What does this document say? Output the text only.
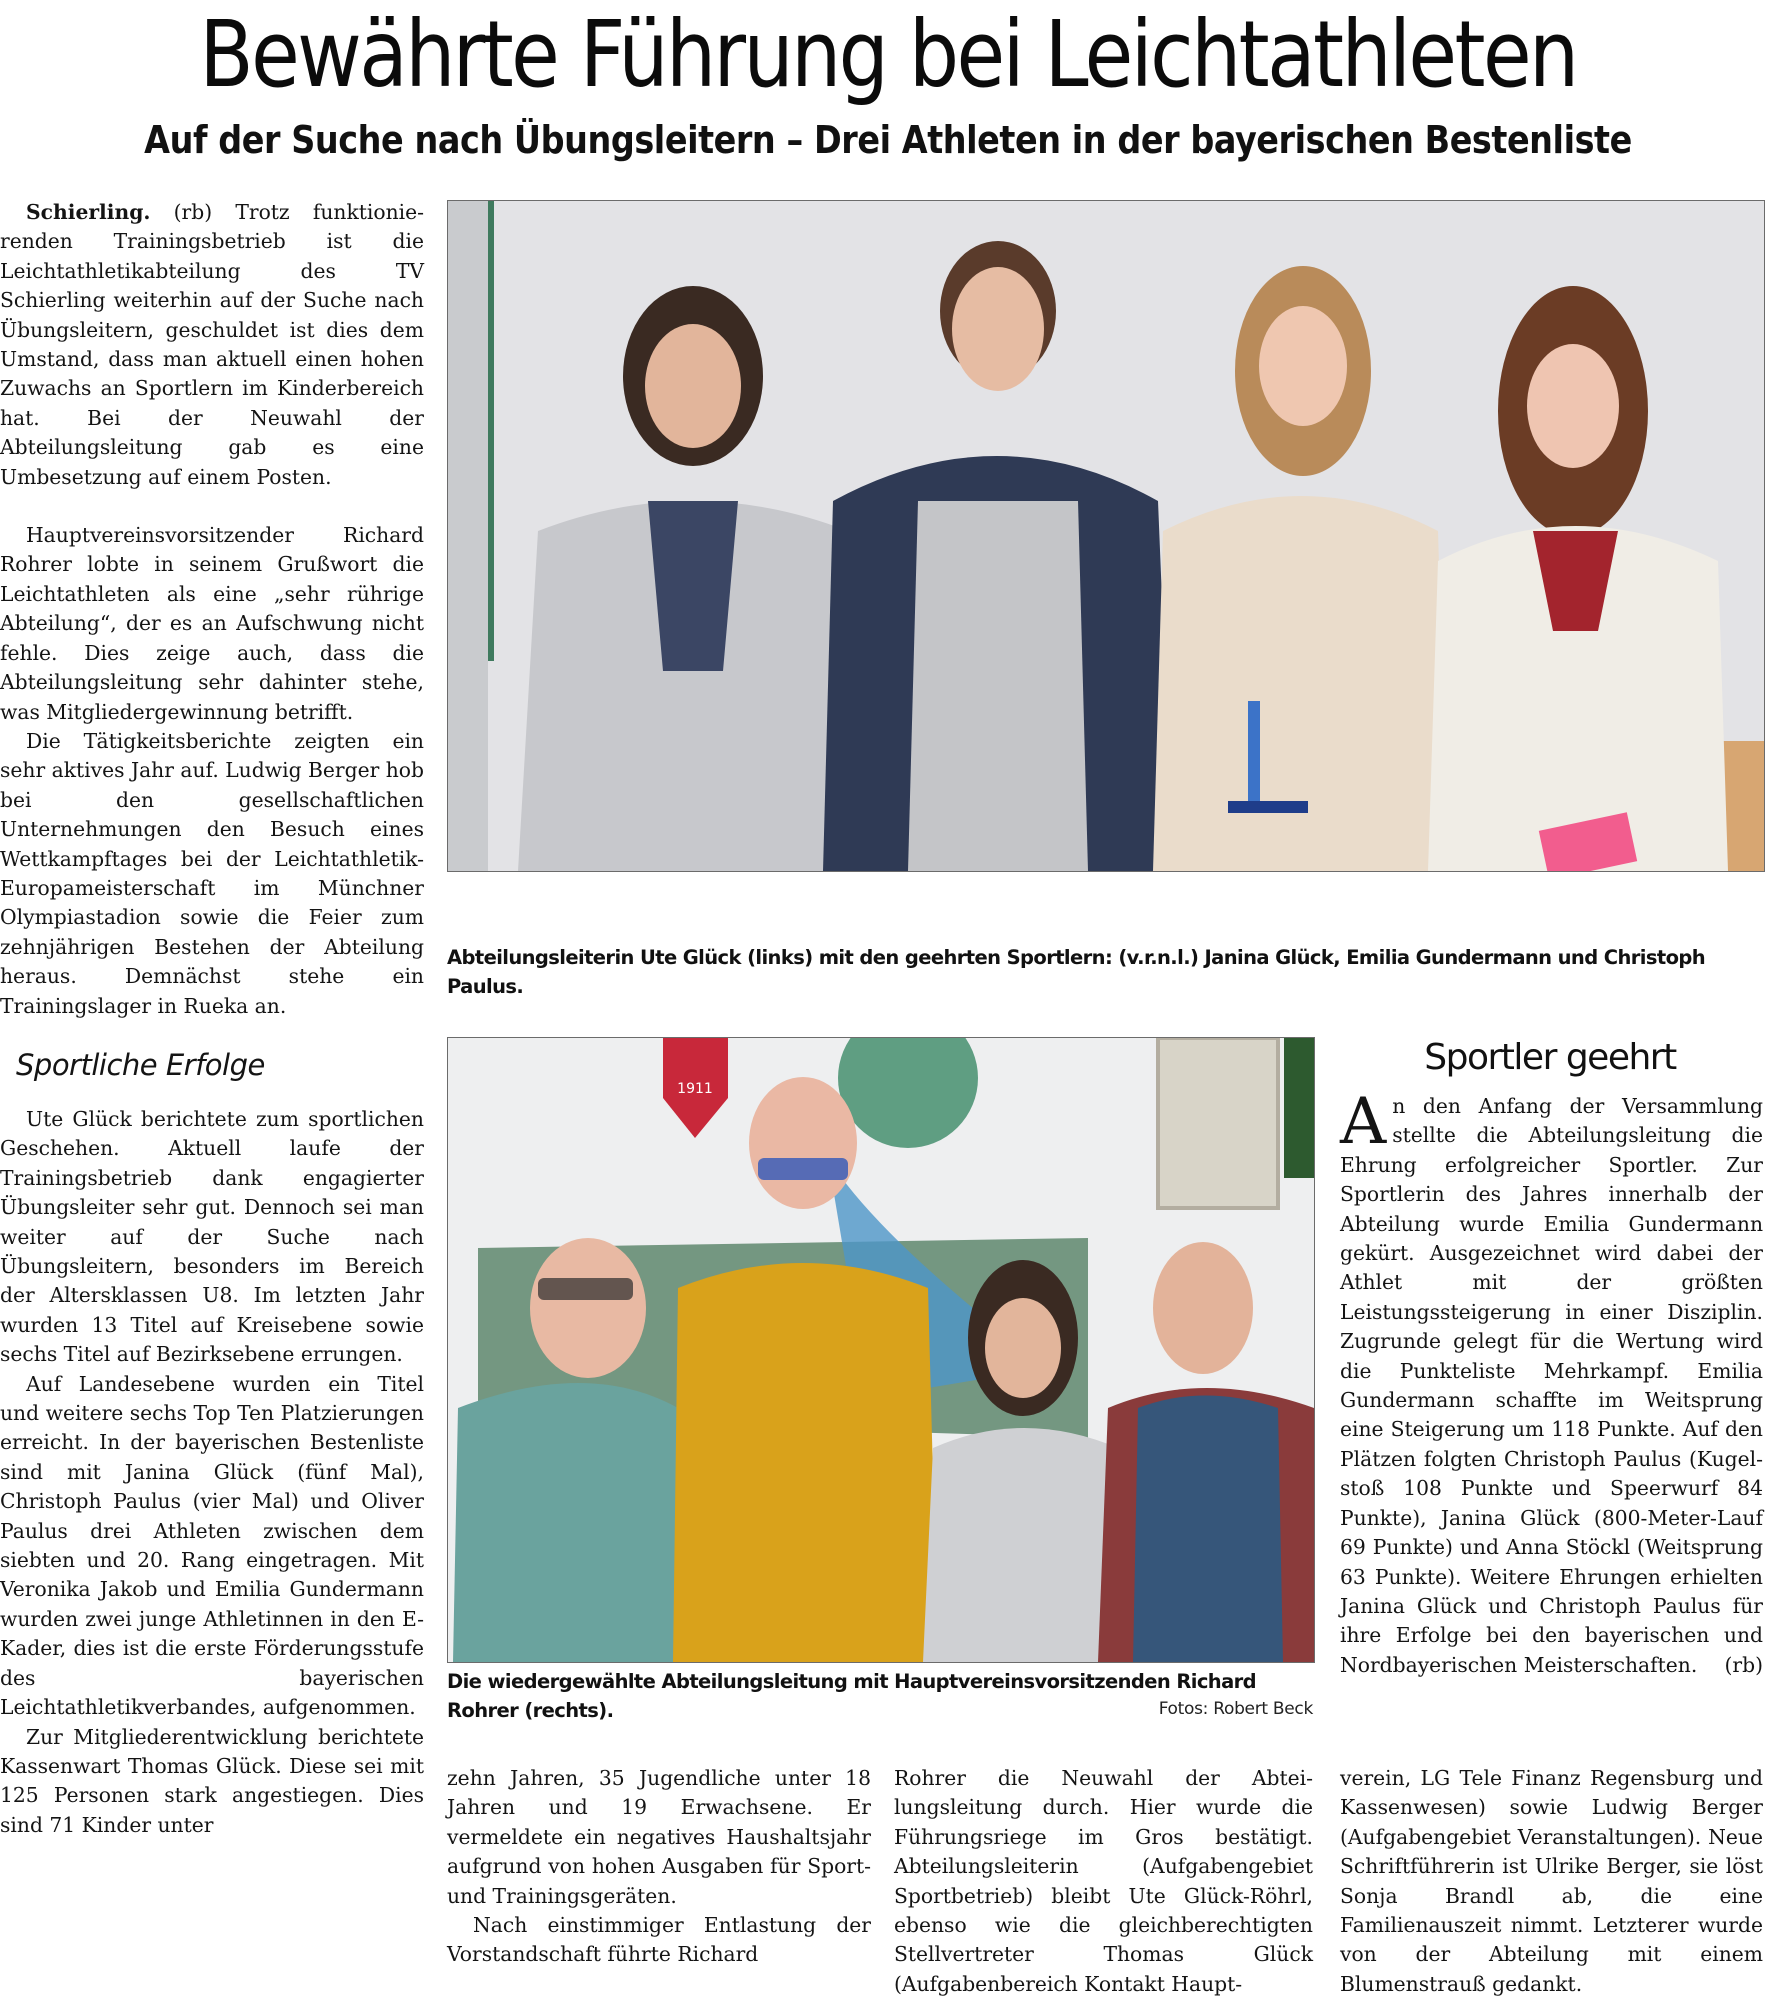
Bewährte Führung bei Leichtathleten
Auf der Suche nach Übungsleitern – Drei Athleten in der bayerischen Bestenliste

Schierling. (rb) Trotz funktionierenden Trainingsbetrieb ist die Leichtathletikabteilung des TV Schierling weiterhin auf der Suche nach Übungsleitern, geschuldet ist dies dem Umstand, dass man aktuell einen hohen Zuwachs an Sportlern im Kinderbereich hat. Bei der Neuwahl der Abteilungsleitung gab es eine Umbesetzung auf einem Posten.

Hauptvereinsvorsitzender Richard Rohrer lobte in seinem Grußwort die Leichtathleten als eine „sehr rührige Abteilung“, der es an Aufschwung nicht fehle. Dies zeige auch, dass die Abteilungsleitung sehr dahinter stehe, was Mitgliedergewinnung betrifft.

Die Tätigkeitsberichte zeigten ein sehr aktives Jahr auf. Ludwig Berger hob bei den gesellschaftlichen Unternehmungen den Besuch eines Wettkampftages bei der Leichtathletik-Europameisterschaft im Münchner Olympiastadion sowie die Feier zum zehnjährigen Bestehen der Abteilung heraus. Demnächst stehe ein Trainingslager in Rueka an.

Sportliche Erfolge

Ute Glück berichtete zum sportlichen Geschehen. Aktuell laufe der Trainingsbetrieb dank engagierter Übungsleiter sehr gut. Dennoch sei man weiter auf der Suche nach Übungsleitern, besonders im Bereich der Altersklassen U8. Im letzten Jahr wurden 13 Titel auf Kreisebene sowie sechs Titel auf Bezirksebene errungen.

Auf Landesebene wurden ein Titel und weitere sechs Top Ten Platzierungen erreicht. In der bayerischen Bestenliste sind mit Janina Glück (fünf Mal), Christoph Paulus (vier Mal) und Oliver Paulus drei Athleten zwischen dem siebten und 20. Rang eingetragen. Mit Veronika Jakob und Emilia Gundermann wurden zwei junge Athletinnen in den E-Kader, dies ist die erste Förderungsstufe des bayerischen Leichtathletikverbandes, aufgenommen.

Zur Mitgliederentwicklung berichtete Kassenwart Thomas Glück. Diese sei mit 125 Personen stark angestiegen. Dies sind 71 Kinder unter

Abteilungsleiterin Ute Glück (links) mit den geehrten Sportlern: (v.r.n.l.) Janina Glück, Emilia Gundermann und Christoph Paulus.
1911
Die wiedergewählte Abteilungsleitung mit Hauptvereinsvorsitzenden Richard Rohrer (rechts).	Fotos: Robert Beck
Sportler geehrt

An den Anfang der Versammlung stellte die Abteilungsleitung die Ehrung erfolgreicher Sportler. Zur Sportlerin des Jahres innerhalb der Abteilung wurde Emilia Gundermann gekürt. Ausgezeichnet wird dabei der Athlet mit der größten Leistungssteigerung in einer Disziplin. Zugrunde gelegt für die Wertung wird die Punkteliste Mehrkampf. Emilia Gundermann schaffte im Weitsprung eine Steigerung um 118 Punkte. Auf den Plätzen folgten Christoph Paulus (Kugelstoß 108 Punkte und Speerwurf 84 Punkte), Janina Glück (800-Meter-Lauf 69 Punkte) und Anna Stöckl (Weitsprung 63 Punkte). Weitere Ehrungen erhielten Janina Glück und Christoph Paulus für ihre Erfolge bei den bayerischen und Nordbayerischen Meisterschaften. (rb)

zehn Jahren, 35 Jugendliche unter 18 Jahren und 19 Erwachsene. Er vermeldete ein negatives Haushaltsjahr aufgrund von hohen Ausgaben für Sport- und Trainingsgeräten.

Nach einstimmiger Entlastung der Vorstandschaft führte Richard

Rohrer die Neuwahl der Abteilungsleitung durch. Hier wurde die Führungsriege im Gros bestätigt. Abteilungsleiterin (Aufgabengebiet Sportbetrieb) bleibt Ute Glück-Röhrl, ebenso wie die gleichberechtigten Stellvertreter Thomas Glück (Aufgabenbereich Kontakt Haupt-

verein, LG Tele Finanz Regensburg und Kassenwesen) sowie Ludwig Berger (Aufgabengebiet Veranstaltungen). Neue Schriftführerin ist Ulrike Berger, sie löst Sonja Brandl ab, die eine Familienauszeit nimmt. Letzterer wurde von der Abteilung mit einem Blumenstrauß gedankt.
